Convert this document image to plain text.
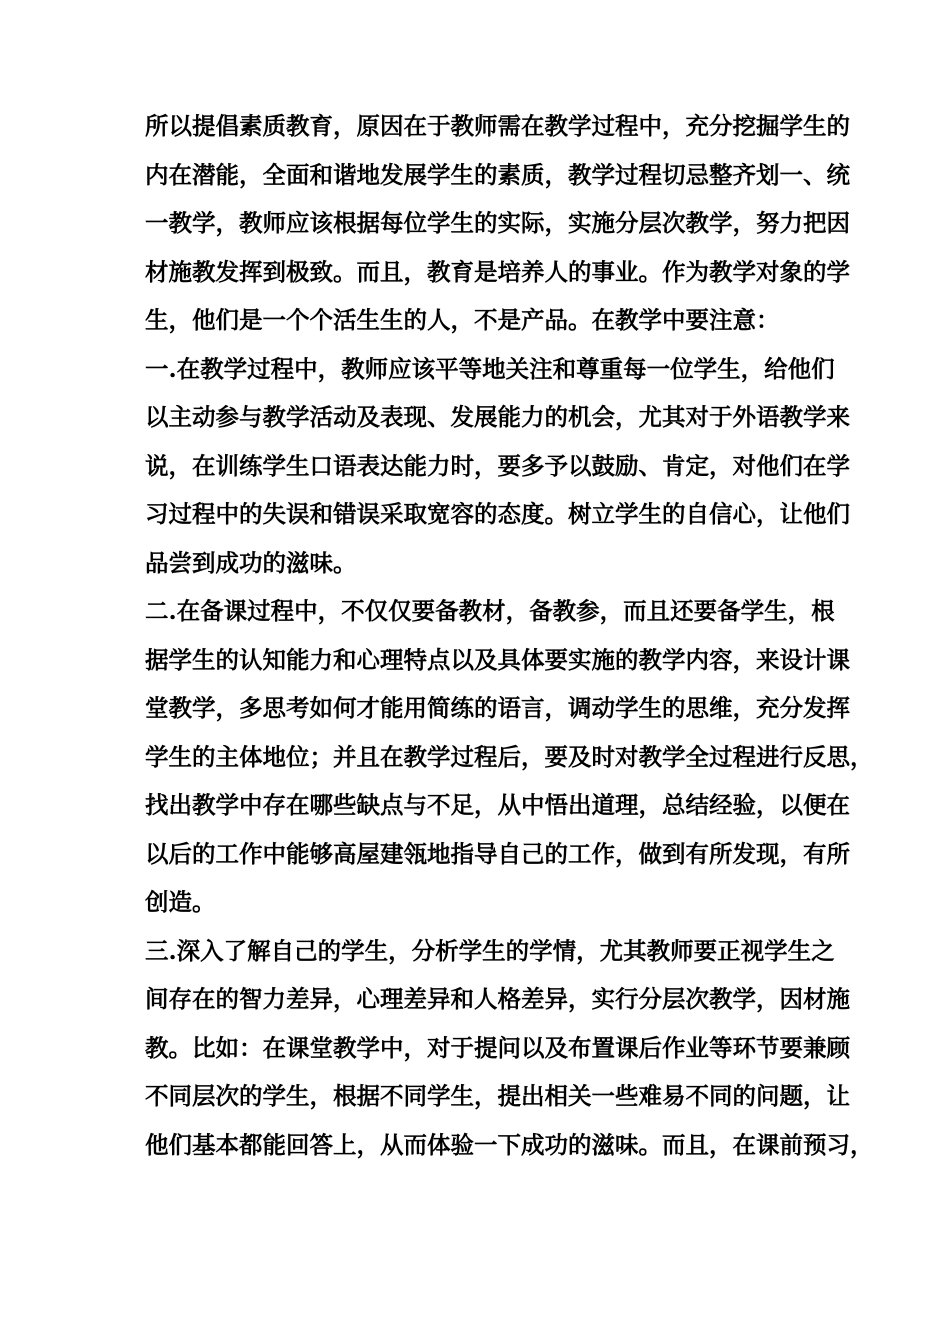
所以提倡素质教育，原因在于教师需在教学过程中，充分挖掘学生的
内在潜能，全面和谐地发展学生的素质，教学过程切忌整齐划一、统
一教学，教师应该根据每位学生的实际，实施分层次教学，努力把因
材施教发挥到极致。而且，教育是培养人的事业。作为教学对象的学
生，他们是一个个活生生的人，不是产品。在教学中要注意：
一.在教学过程中，教师应该平等地关注和尊重每一位学生，给他们
以主动参与教学活动及表现、发展能力的机会，尤其对于外语教学来
说，在训练学生口语表达能力时，要多予以鼓励、肯定，对他们在学
习过程中的失误和错误采取宽容的态度。树立学生的自信心，让他们
品尝到成功的滋味。
二.在备课过程中，不仅仅要备教材，备教参，而且还要备学生，根
据学生的认知能力和心理特点以及具体要实施的教学内容，来设计课
堂教学，多思考如何才能用简练的语言，调动学生的思维，充分发挥
学生的主体地位；并且在教学过程后，要及时对教学全过程进行反思，
找出教学中存在哪些缺点与不足，从中悟出道理，总结经验，以便在
以后的工作中能够高屋建瓴地指导自己的工作，做到有所发现，有所
创造。
三.深入了解自己的学生，分析学生的学情，尤其教师要正视学生之
间存在的智力差异，心理差异和人格差异，实行分层次教学，因材施
教。比如：在课堂教学中，对于提问以及布置课后作业等环节要兼顾
不同层次的学生，根据不同学生，提出相关一些难易不同的问题，让
他们基本都能回答上，从而体验一下成功的滋味。而且，在课前预习，
